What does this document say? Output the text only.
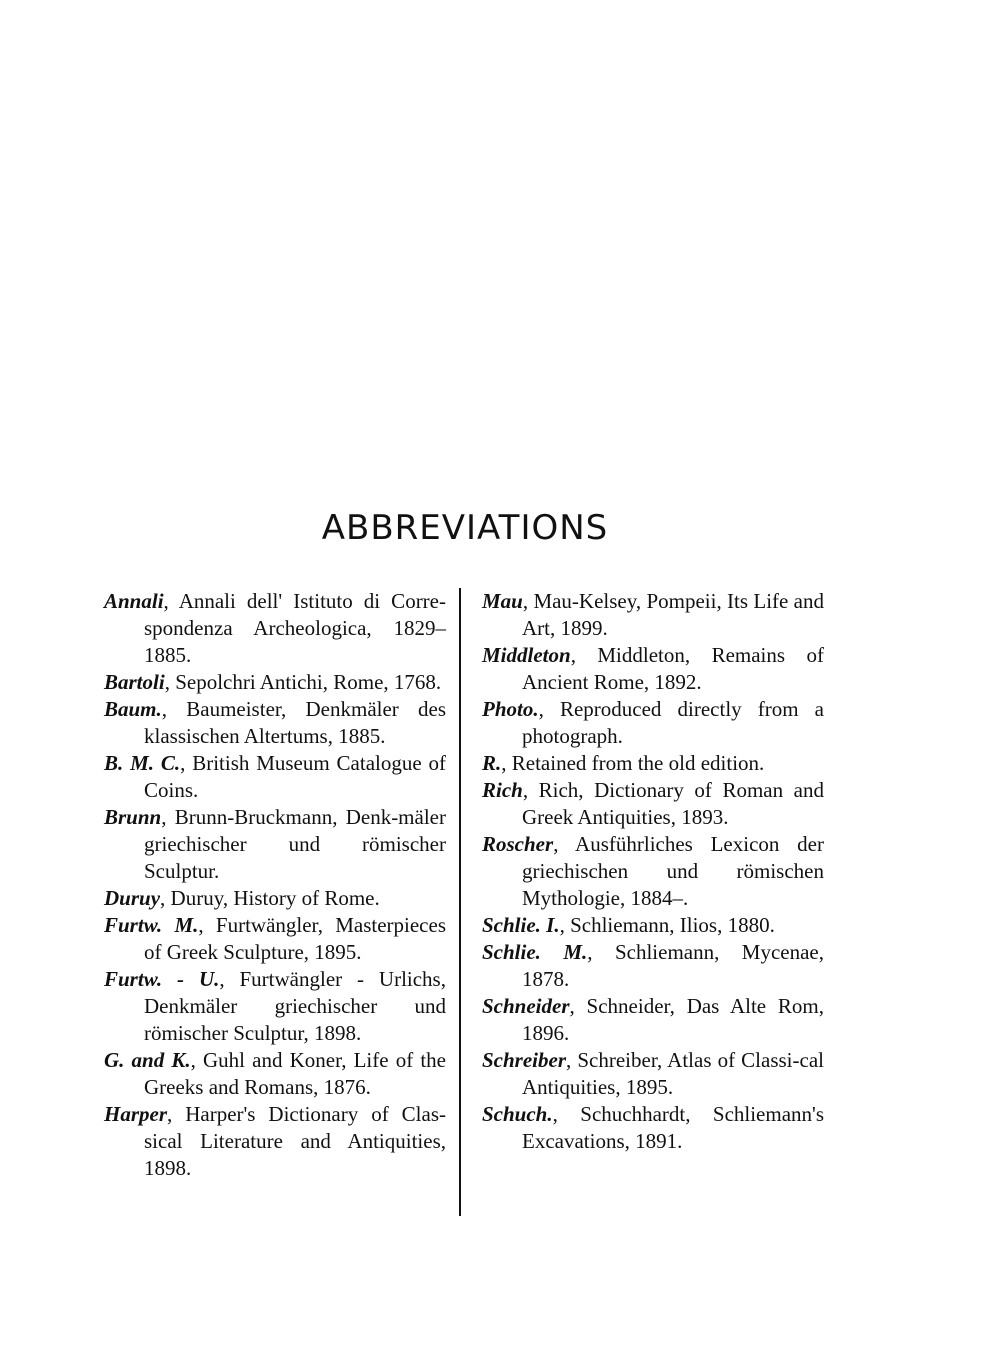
ABBREVIATIONS
Annali, Annali dell' Istituto di Corre-spondenza Archeologica, 1829–1885.
Bartoli, Sepolchri Antichi, Rome, 1768.
Baum., Baumeister, Denkmäler des klassischen Altertums, 1885.
B. M. C., British Museum Catalogue of Coins.
Brunn, Brunn-Bruckmann, Denk-mäler griechischer und römischer Sculptur.
Duruy, Duruy, History of Rome.
Furtw. M., Furtwängler, Masterpieces of Greek Sculpture, 1895.
Furtw. - U., Furtwängler - Urlichs, Denkmäler griechischer und römischer Sculptur, 1898.
G. and K., Guhl and Koner, Life of the Greeks and Romans, 1876.
Harper, Harper's Dictionary of Clas-sical Literature and Antiquities, 1898.
Mau, Mau-Kelsey, Pompeii, Its Life and Art, 1899.
Middleton, Middleton, Remains of Ancient Rome, 1892.
Photo., Reproduced directly from a photograph.
R., Retained from the old edition.
Rich, Rich, Dictionary of Roman and Greek Antiquities, 1893.
Roscher, Ausführliches Lexicon der griechischen und römischen Mythologie, 1884–.
Schlie. I., Schliemann, Ilios, 1880.
Schlie. M., Schliemann, Mycenae, 1878.
Schneider, Schneider, Das Alte Rom, 1896.
Schreiber, Schreiber, Atlas of Classi-cal Antiquities, 1895.
Schuch., Schuchhardt, Schliemann's Excavations, 1891.
